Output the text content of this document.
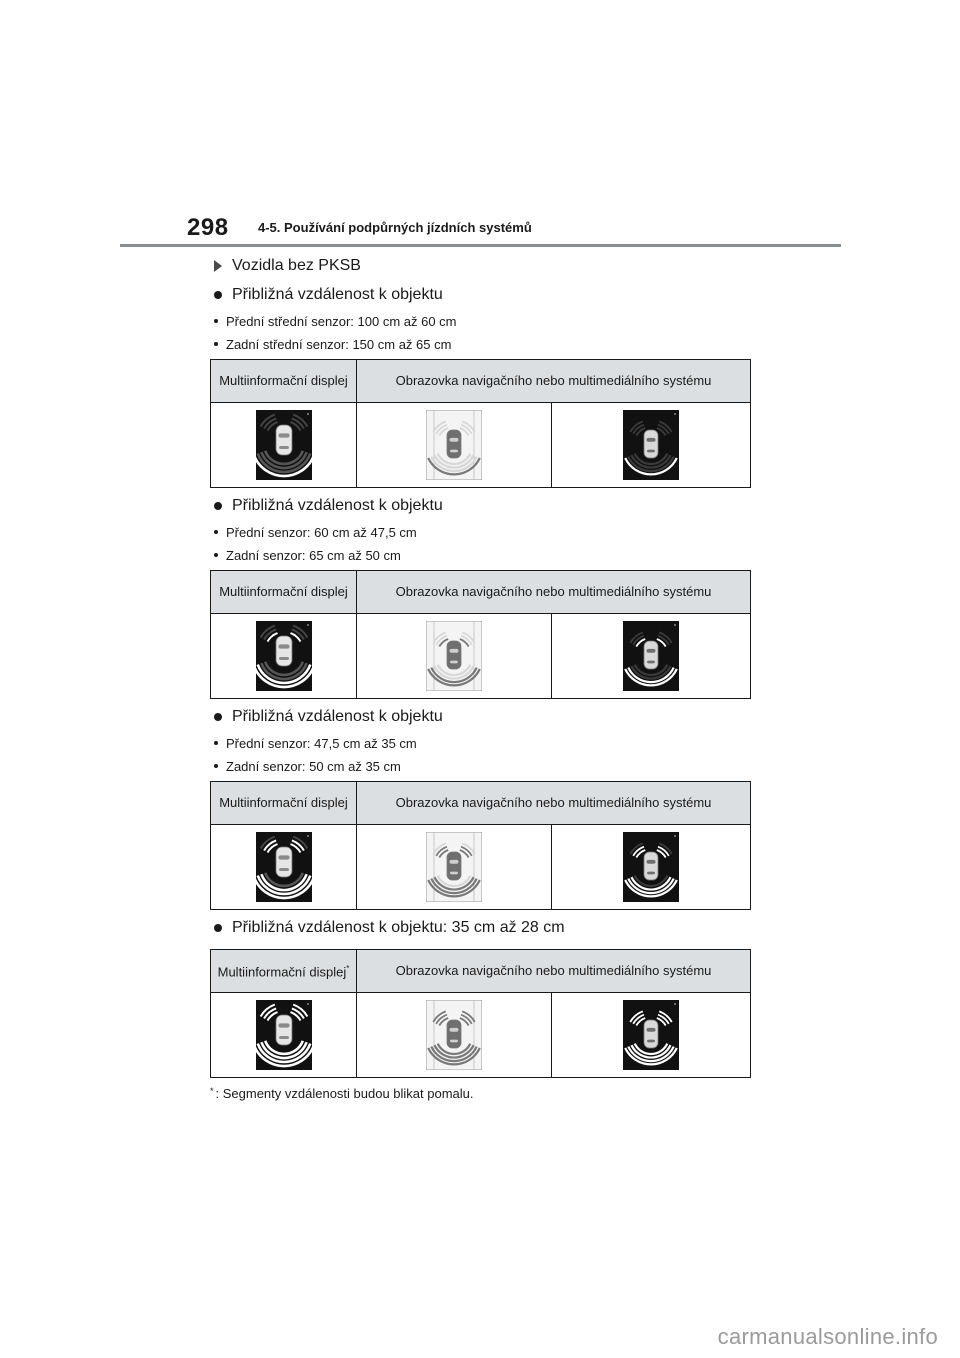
298 4-5. Používání podpůrných jízdních systémů
Vozidla bez PKSB
Přibližná vzdálenost k objektu
Přední střední senzor: 100 cm až 60 cm
Zadní střední senzor: 150 cm až 65 cm
Multiinformační displej	Obrazovka navigačního nebo multimediálního systému	

Přibližná vzdálenost k objektu
Přední senzor: 60 cm až 47,5 cm
Zadní senzor: 65 cm až 50 cm
Multiinformační displej	Obrazovka navigačního nebo multimediálního systému	

Přibližná vzdálenost k objektu
Přední senzor: 47,5 cm až 35 cm
Zadní senzor: 50 cm až 35 cm
Multiinformační displej	Obrazovka navigačního nebo multimediálního systému	

Přibližná vzdálenost k objektu: 35 cm až 28 cm
Multiinformační displej*	Obrazovka navigačního nebo multimediálního systému	

* : Segmenty vzdálenosti budou blikat pomalu.
carmanualsonline.info
